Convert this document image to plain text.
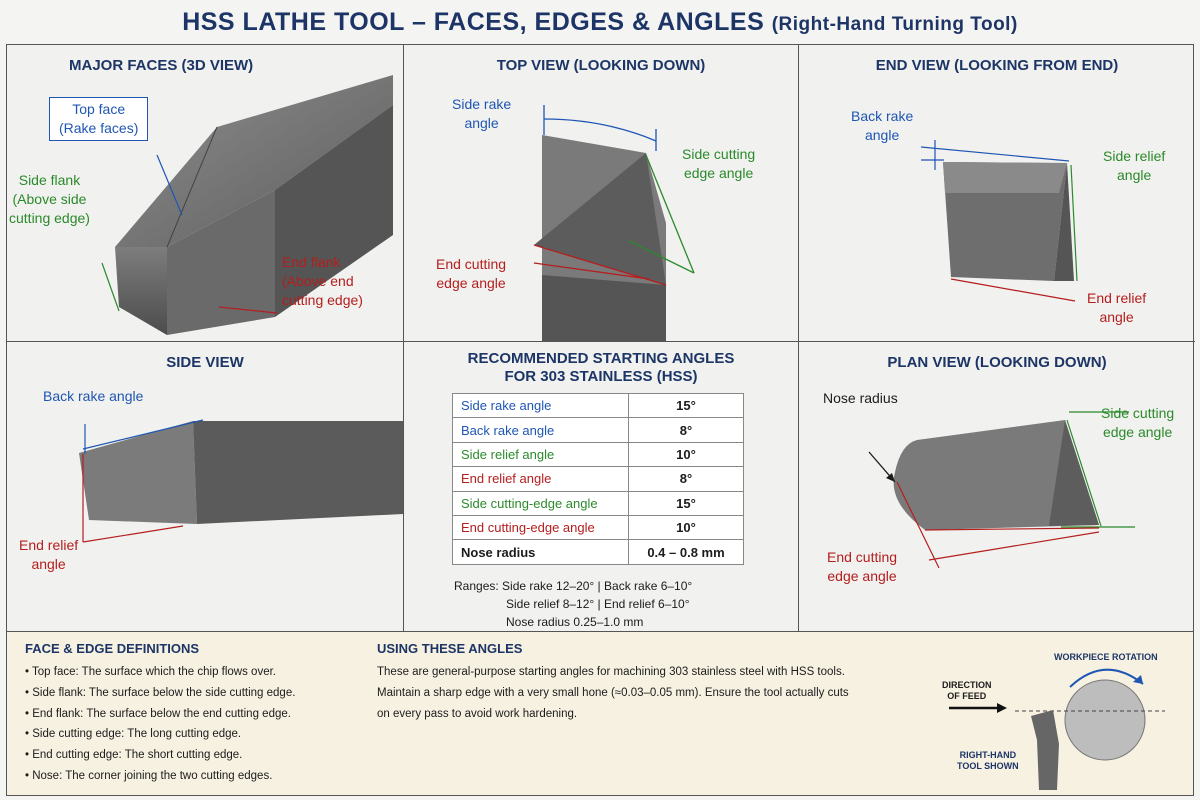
HSS LATHE TOOL – FACES, EDGES & ANGLES (Right-Hand Turning Tool)
MAJOR FACES (3D VIEW)
Top face
(Rake faces)
Side flank
(Above side
cutting edge)
End flank
(Above end
cutting edge)
TOP VIEW (LOOKING DOWN)
Side rake
angle
Side cutting
edge angle
End cutting
edge angle
END VIEW (LOOKING FROM END)
Back rake
angle
Side relief
angle
End relief
angle
SIDE VIEW
Back rake angle
End relief
angle
RECOMMENDED STARTING ANGLES
FOR 303 STAINLESS (HSS)
Side rake angle	15°
Back rake angle	8°
Side relief angle	10°
End relief angle	8°
Side cutting-edge angle	15°
End cutting-edge angle	10°
Nose radius	0.4 – 0.8 mm
Ranges: Side rake 12–20° | Back rake 6–10°
Side relief 8–12° | End relief 6–10°
Nose radius 0.25–1.0 mm
PLAN VIEW (LOOKING DOWN)
Nose radius
Side cutting
edge angle
End cutting
edge angle
FACE & EDGE DEFINITIONS
• Top face: The surface which the chip flows over.
• Side flank: The surface below the side cutting edge.
• End flank: The surface below the end cutting edge.
• Side cutting edge: The long cutting edge.
• End cutting edge: The short cutting edge.
• Nose: The corner joining the two cutting edges.
USING THESE ANGLES
These are general-purpose starting angles for machining 303 stainless steel with HSS tools.
Maintain a sharp edge with a very small hone (≈0.03–0.05 mm). Ensure the tool actually cuts
on every pass to avoid work hardening.
WORKPIECE ROTATION
DIRECTION
OF FEED
RIGHT-HAND
TOOL SHOWN
